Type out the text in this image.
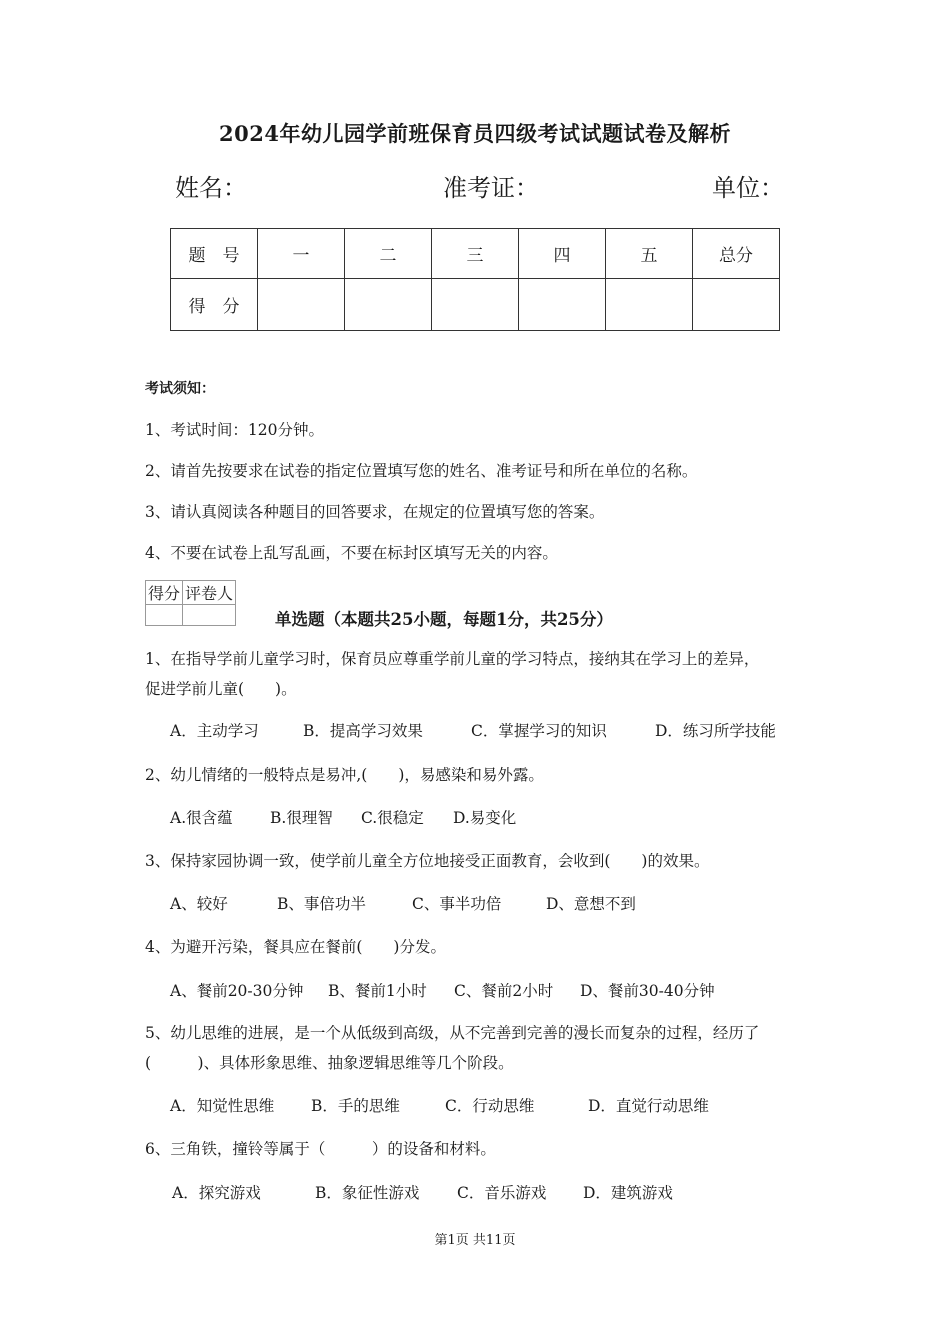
2024年幼儿园学前班保育员四级考试试题试卷及解析
姓名：	准考证：	单位：
题　号	一	二	三	四	五	总分
得　分						
考试须知：
1、考试时间：120分钟。
2、请首先按要求在试卷的指定位置填写您的姓名、准考证号和所在单位的名称。
3、请认真阅读各种题目的回答要求，在规定的位置填写您的答案。
4、不要在试卷上乱写乱画，不要在标封区填写无关的内容。
得分	评卷人

单选题（本题共25小题，每题1分，共25分）
1、在指导学前儿童学习时，保育员应尊重学前儿童的学习特点，接纳其在学习上的差异，
促进学前儿童(　　)。
A．主动学习	B．提高学习效果	C．掌握学习的知识	D．练习所学技能
2、幼儿情绪的一般特点是易冲,(　　)，易感染和易外露。
A.很含蕴 B.很理智 C.很稳定 D.易变化
3、保持家园协调一致，使学前儿童全方位地接受正面教育，会收到(　　)的效果。
A、较好	B、事倍功半	C、事半功倍	D、意想不到
4、为避开污染，餐具应在餐前(　　)分发。
A、餐前20-30分钟 B、餐前1小时 C、餐前2小时 D、餐前30-40分钟
5、幼儿思维的进展，是一个从低级到高级，从不完善到完善的漫长而复杂的过程，经历了
(　　　)、具体形象思维、抽象逻辑思维等几个阶段。
A．知觉性思维 B．手的思维	C．行动思维	D．直觉行动思维
6、三角铁，撞铃等属于（　　　）的设备和材料。
A．探究游戏	B．象征性游戏 C．音乐游戏 D．建筑游戏
第1页 共11页
